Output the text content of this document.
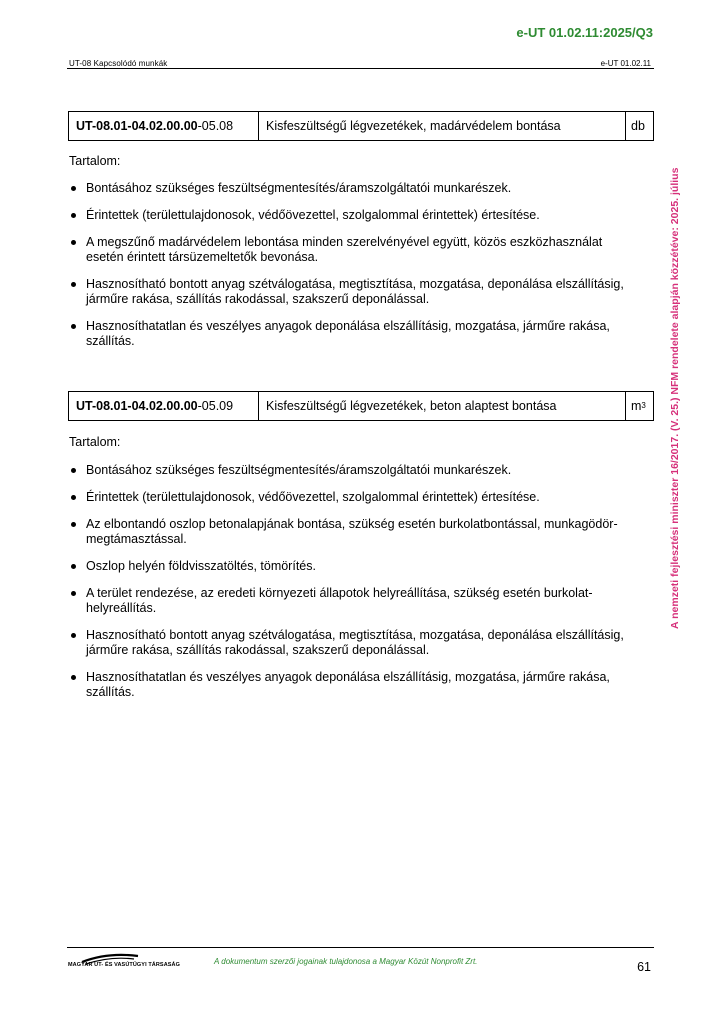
e-UT 01.02.11:2025/Q3
UT-08 Kapcsolódó munkák	e-UT 01.02.11
UT-08.01-04.02.00.00 -05.08	Kisfeszültségű légvezetékek, madárvédelem bontása	db
Tartalom:
Bontásához szükséges feszültségmentesítés/áramszolgáltatói munkarészek.
Érintettek (területtulajdonosok, védőövezettel, szolgalommal érintettek) értesítése.
A megszűnő madárvédelem lebontása minden szerelvényével együtt, közös eszközhasználat esetén érintett társüzemeltetők bevonása.
Hasznosítható bontott anyag szétválogatása, megtisztítása, mozgatása, deponálása elszállításig, járműre rakása, szállítás rakodással, szakszerű deponálással.
Hasznosíthatatlan és veszélyes anyagok deponálása elszállításig, mozgatása, járműre rakása, szállítás.
UT-08.01-04.02.00.00 -05.09	Kisfeszültségű légvezetékek, beton alaptest bontása	$m^3$
Tartalom:
Bontásához szükséges feszültségmentesítés/áramszolgáltatói munkarészek.
Érintettek (területtulajdonosok, védőövezettel, szolgalommal érintettek) értesítése.
Az elbontandó oszlop betonalapjának bontása, szükség esetén burkolatbontással, munkagödör-megtámasztással.
Oszlop helyén földvisszatöltés, tömörítés.
A terület rendezése, az eredeti környezeti állapotok helyreállítása, szükség esetén burkolat-helyreállítás.
Hasznosítható bontott anyag szétválogatása, megtisztítása, mozgatása, deponálása elszállításig, járműre rakása, szállítás rakodással, szakszerű deponálással.
Hasznosíthatatlan és veszélyes anyagok deponálása elszállításig, mozgatása, járműre rakása, szállítás.
A nemzeti fejlesztési miniszter 16/2017. (V. 25.) NFM rendelete alapján közzétéve: 2025. július
MAGYAR ÚT- ÉS VASÚTÜGYI TÁRSASÁG	A dokumentum szerzői jogainak tulajdonosa a Magyar Közút Nonprofit Zrt.	61
